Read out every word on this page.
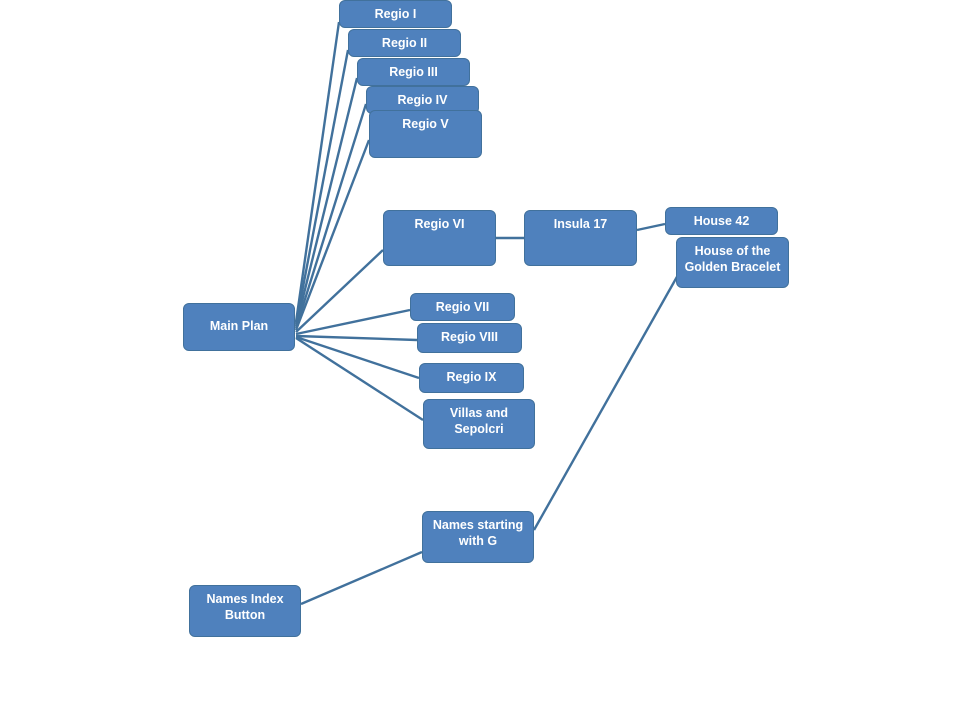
Regio I
Regio II
Regio III
Regio IV
Regio V
Regio VI	Insula 17	House 42
House of the Golden Bracelet
Regio VII
Regio VIII
Regio IX
Villas and Sepolcri
Main Plan
Names starting with G
Names Index Button
